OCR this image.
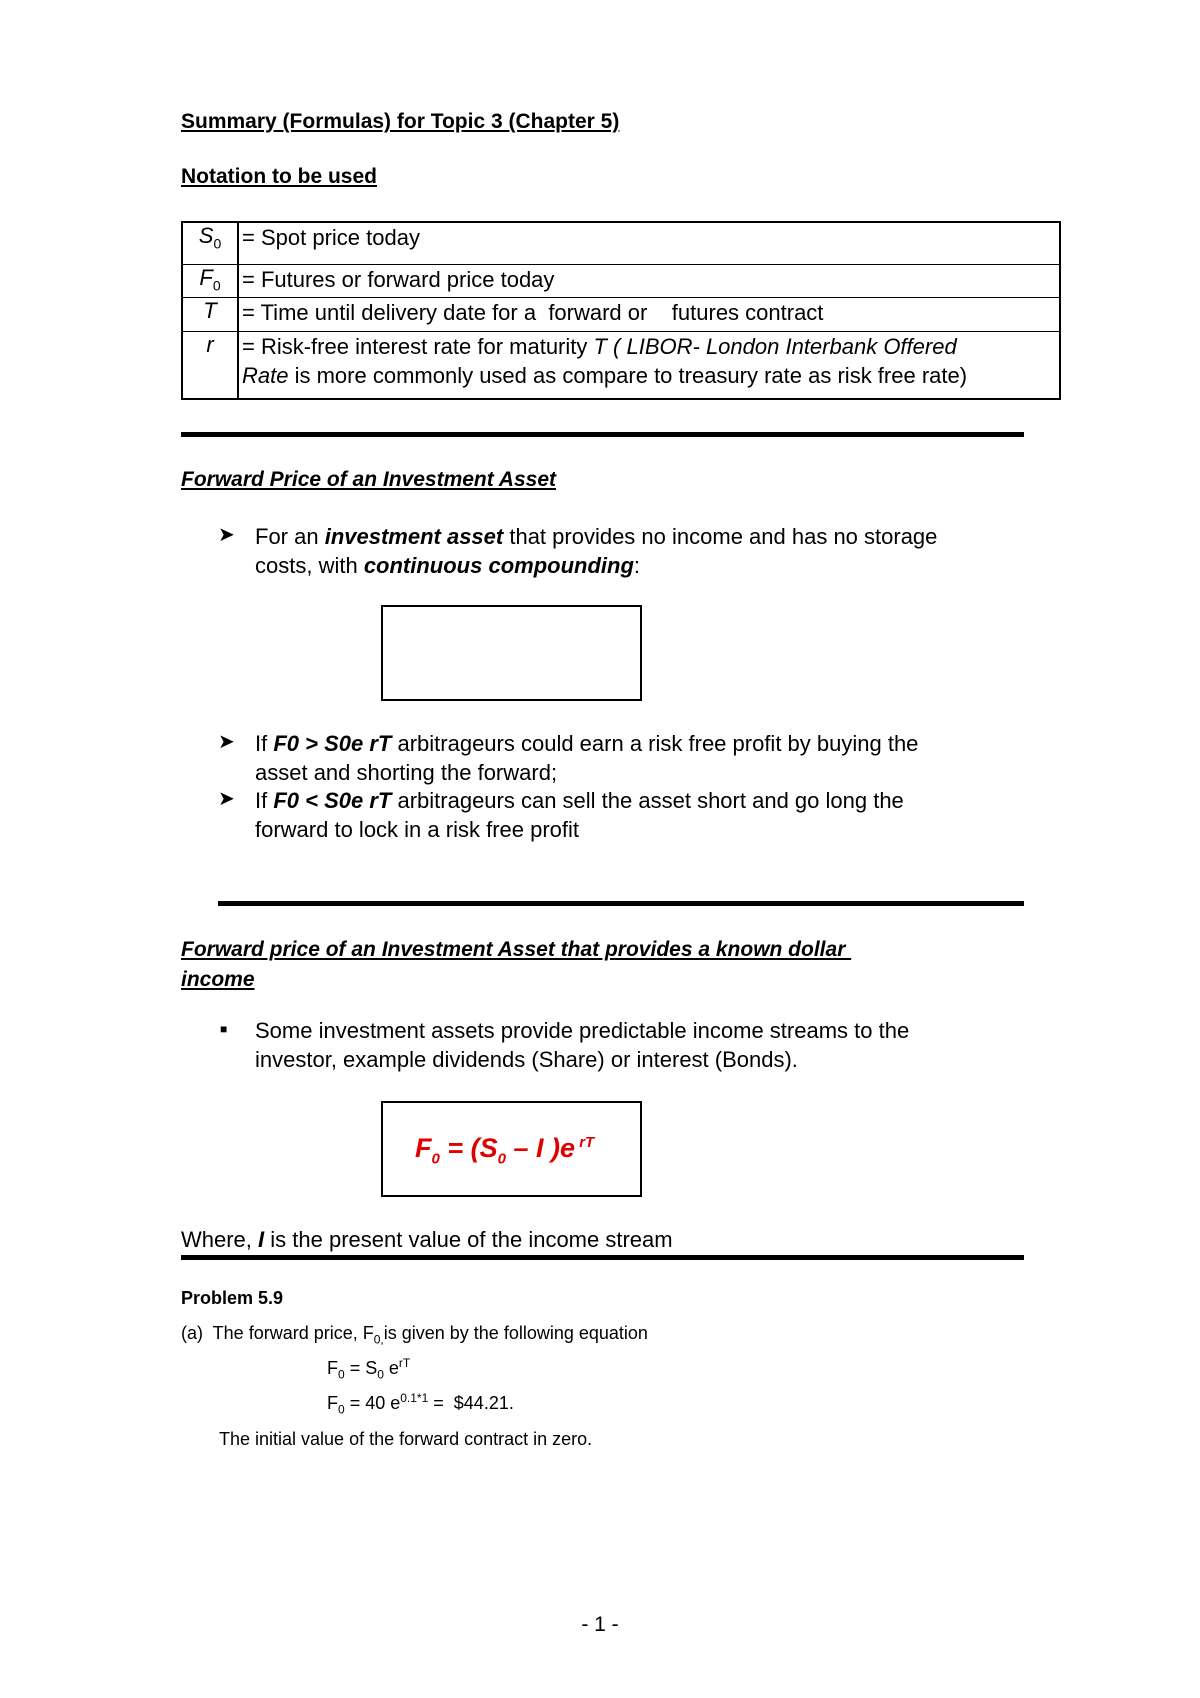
Summary (Formulas) for Topic 3 (Chapter 5)
Notation to be used
$S_0$	= Spot price today
$F_0$	= Futures or forward price today
T	= Time until delivery date for a  forward or    futures contract
r	= Risk-free interest rate for maturity T ( LIBOR- London Interbank Offered
Rate is more commonly used as compare to treasury rate as risk free rate)
Forward Price of an Investment Asset
➤ For an investment asset that provides no income and has no storage
costs, with continuous compounding:
➤ If F0 > S0e rT arbitrageurs could earn a risk free profit by buying the
asset and shorting the forward;
➤ If F0 < S0e rT arbitrageurs can sell the asset short and go long the
forward to lock in a risk free profit
Forward price of an Investment Asset that provides a known dollar
income
■ Some investment assets provide predictable income streams to the
investor, example dividends (Share) or interest (Bonds).
$F_0 = (S_0 - I$ )e $^{rT}$
Where, I is the present value of the income stream
Problem 5.9
(a)  The forward price, $F_{0,}is$ given by the following equation
$F_0 = S_0$ $e^{rT}$
$F_0 = 40$ $e^{0.1*1}$ =  $44.21.
The initial value of the forward contract in zero.
- 1 -
